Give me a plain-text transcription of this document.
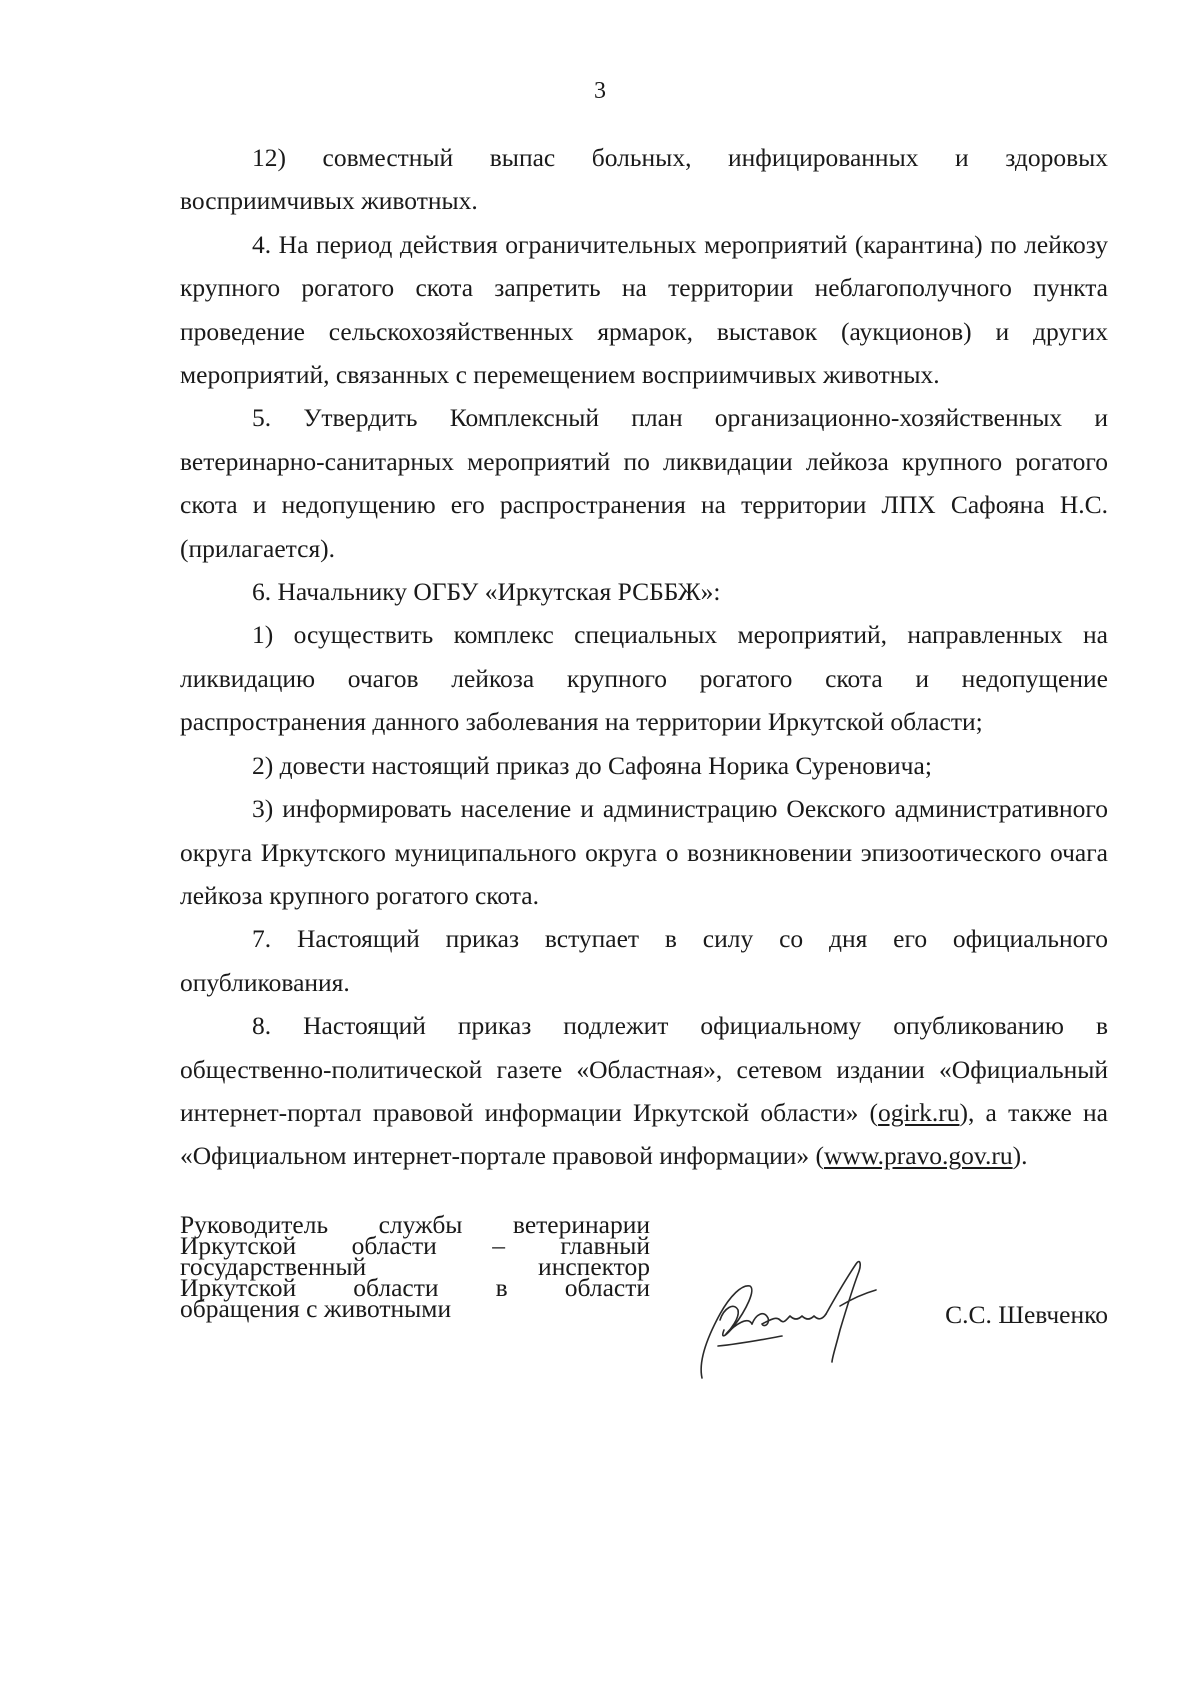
3

12) совместный выпас больных, инфицированных и здоровых восприимчивых животных.

4. На период действия ограничительных мероприятий (карантина) по лейкозу крупного рогатого скота запретить на территории неблагополучного пункта проведение сельскохозяйственных ярмарок, выставок (аукционов) и других мероприятий, связанных с перемещением восприимчивых животных.

5. Утвердить Комплексный план организационно-хозяйственных и ветеринарно-санитарных мероприятий по ликвидации лейкоза крупного рогатого скота и недопущению его распространения на территории ЛПХ Сафояна Н.С. (прилагается).

6. Начальнику ОГБУ «Иркутская РСББЖ»:

1) осуществить комплекс специальных мероприятий, направленных на ликвидацию очагов лейкоза крупного рогатого скота и недопущение распространения данного заболевания на территории Иркутской области;

2) довести настоящий приказ до Сафояна Норика Суреновича;

3) информировать население и администрацию Оекского административного округа Иркутского муниципального округа о возникновении эпизоотического очага лейкоза крупного рогатого скота.

7. Настоящий приказ вступает в силу со дня его официального опубликования.

8. Настоящий приказ подлежит официальному опубликованию в общественно-политической газете «Областная», сетевом издании «Официальный интернет-портал правовой информации Иркутской области» (ogirk.ru), а также на «Официальном интернет-портале правовой информации» (www.pravo.gov.ru).

Руководитель службы ветеринарии
Иркутской области – главный
государственный инспектор
Иркутской области в области
обращения с животными	С.С. Шевченко
